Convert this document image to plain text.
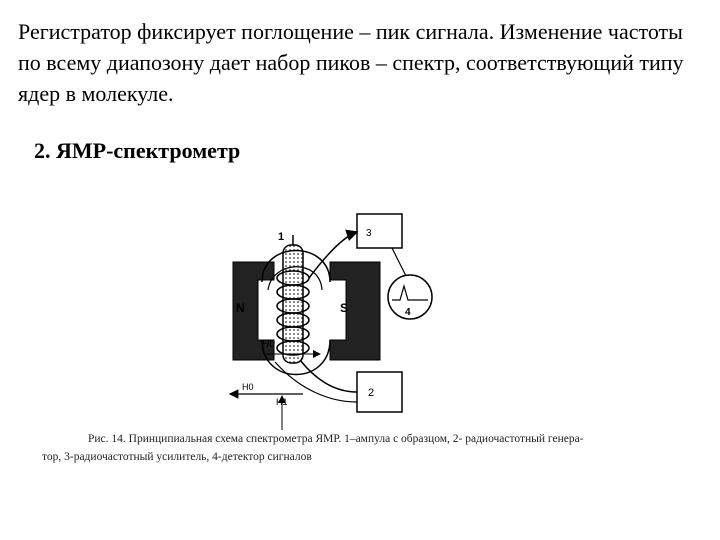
Регистратор фиксирует поглощение – пик сигнала. Изменение частоты по всему диапозону дает набор пиков – спектр, соответствующий типу ядер в молекуле.

2. ЯМР-спектрометр

1
N	S
3
2
4
H0
H0
H1
Рис. 14. Принципиальная схема спектрометра ЯМР. 1–ампула с образцом, 2- радиочастотный генера-
тор, 3-радиочастотный усилитель, 4-детектор сигналов
